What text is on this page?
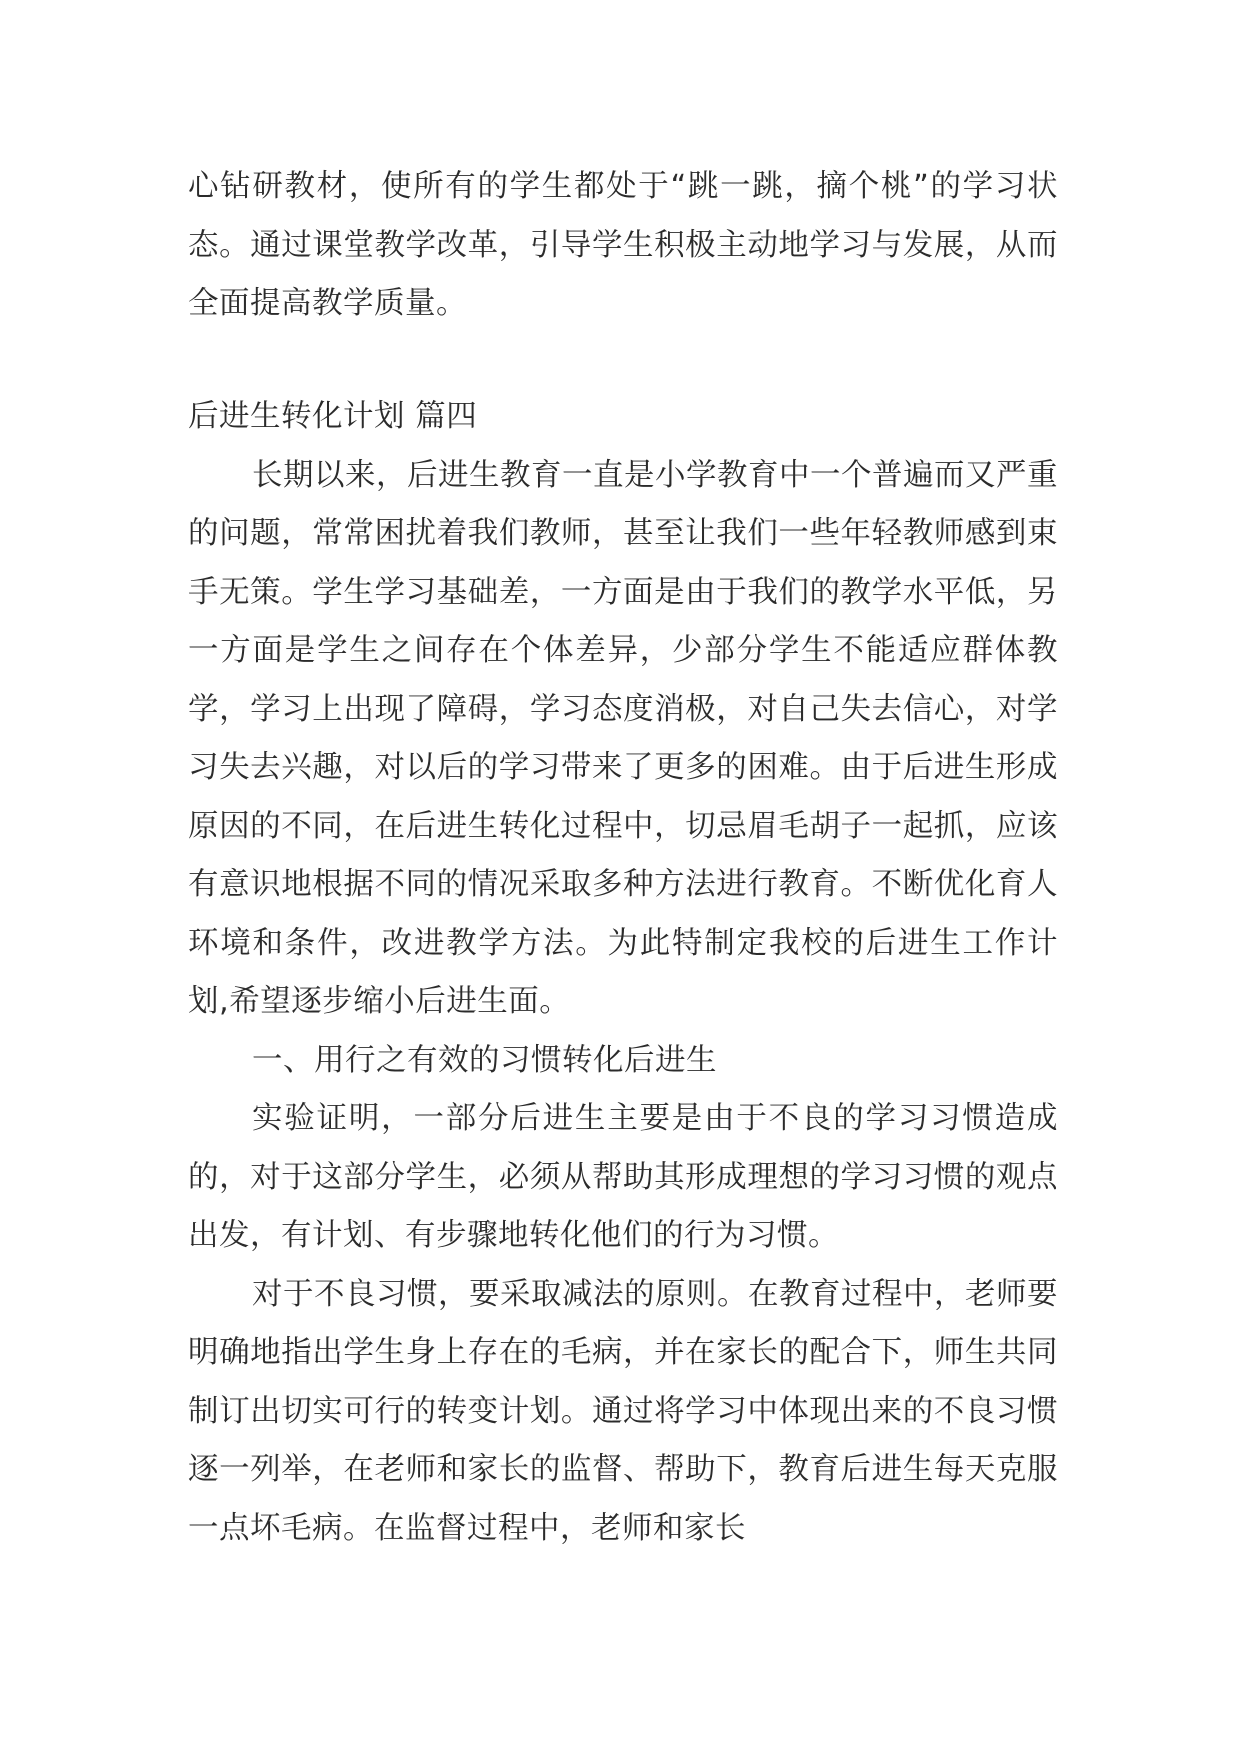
心钻研教材，使所有的学生都处于“跳一跳，摘个桃”的学习状态。通过课堂教学改革，引导学生积极主动地学习与发展，从而全面提高教学质量。

后进生转化计划 篇四

长期以来，后进生教育一直是小学教育中一个普遍而又严重的问题，常常困扰着我们教师，甚至让我们一些年轻教师感到束手无策。学生学习基础差，一方面是由于我们的教学水平低，另一方面是学生之间存在个体差异，少部分学生不能适应群体教学，学习上出现了障碍，学习态度消极，对自己失去信心，对学习失去兴趣，对以后的学习带来了更多的困难。由于后进生形成原因的不同，在后进生转化过程中，切忌眉毛胡子一起抓，应该有意识地根据不同的情况采取多种方法进行教育。不断优化育人环境和条件，改进教学方法。为此特制定我校的后进生工作计划,希望逐步缩小后进生面。

一、用行之有效的习惯转化后进生

实验证明，一部分后进生主要是由于不良的学习习惯造成的，对于这部分学生，必须从帮助其形成理想的学习习惯的观点出发，有计划、有步骤地转化他们的行为习惯。

对于不良习惯，要采取减法的原则。在教育过程中，老师要明确地指出学生身上存在的毛病，并在家长的配合下，师生共同制订出切实可行的转变计划。通过将学习中体现出来的不良习惯逐一列举，在老师和家长的监督、帮助下，教育后进生每天克服一点坏毛病。在监督过程中，老师和家长
